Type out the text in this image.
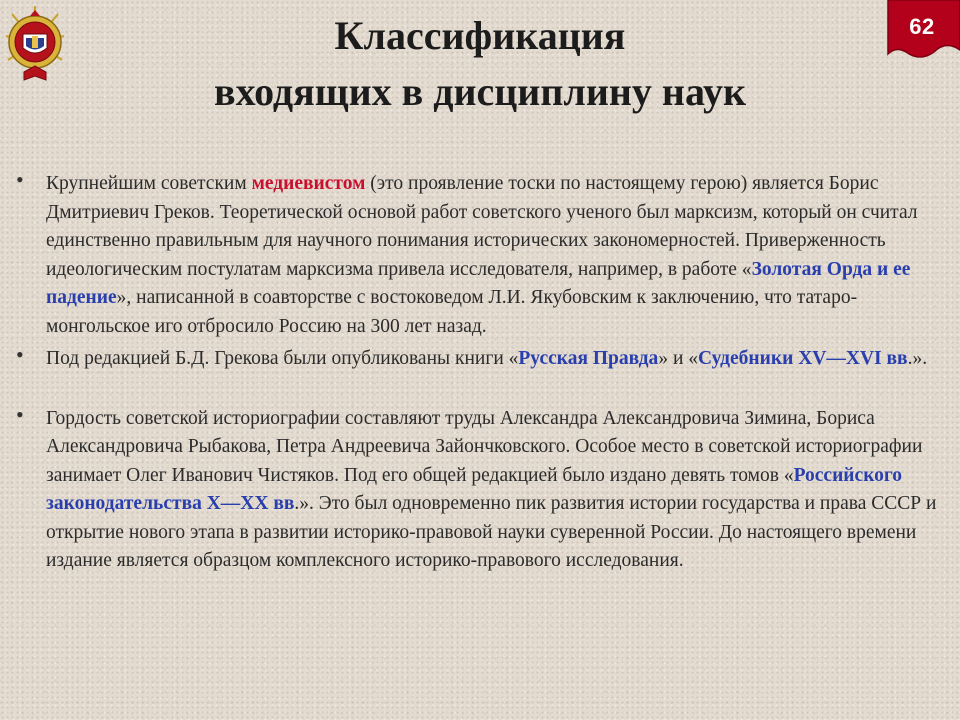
62
Классификация
входящих в дисциплину наук
• Крупнейшим советским медиевистом (это проявление тоски по настоящему герою) является Борис Дмитриевич Греков. Теоретической основой работ советского ученого был марксизм, который он считал единственно правильным для научного понимания исторических закономерностей. Приверженность идеологическим постулатам марксизма привела исследователя, например, в работе «Золотая Орда и ее падение», написанной в соавторстве с востоковедом Л.И. Якубовским к заключению, что татаро-монгольское иго отбросило Россию на 300 лет назад.
• Под редакцией Б.Д. Грекова были опубликованы книги «Русская Правда» и «Судебники XV—XVI вв.».
• Гордость советской историографии составляют труды Александра Александровича Зимина, Бориса Александровича Рыбакова, Петра Андреевича Зайончковского. Особое место в советской историографии занимает Олег Иванович Чистяков. Под его общей редакцией было издано девять томов «Российского законодательства X—XX вв.». Это был одновременно пик развития истории государства и права СССР и открытие нового этапа в развитии историко-правовой науки суверенной России. До настоящего времени издание является образцом комплексного историко-правового исследования.
